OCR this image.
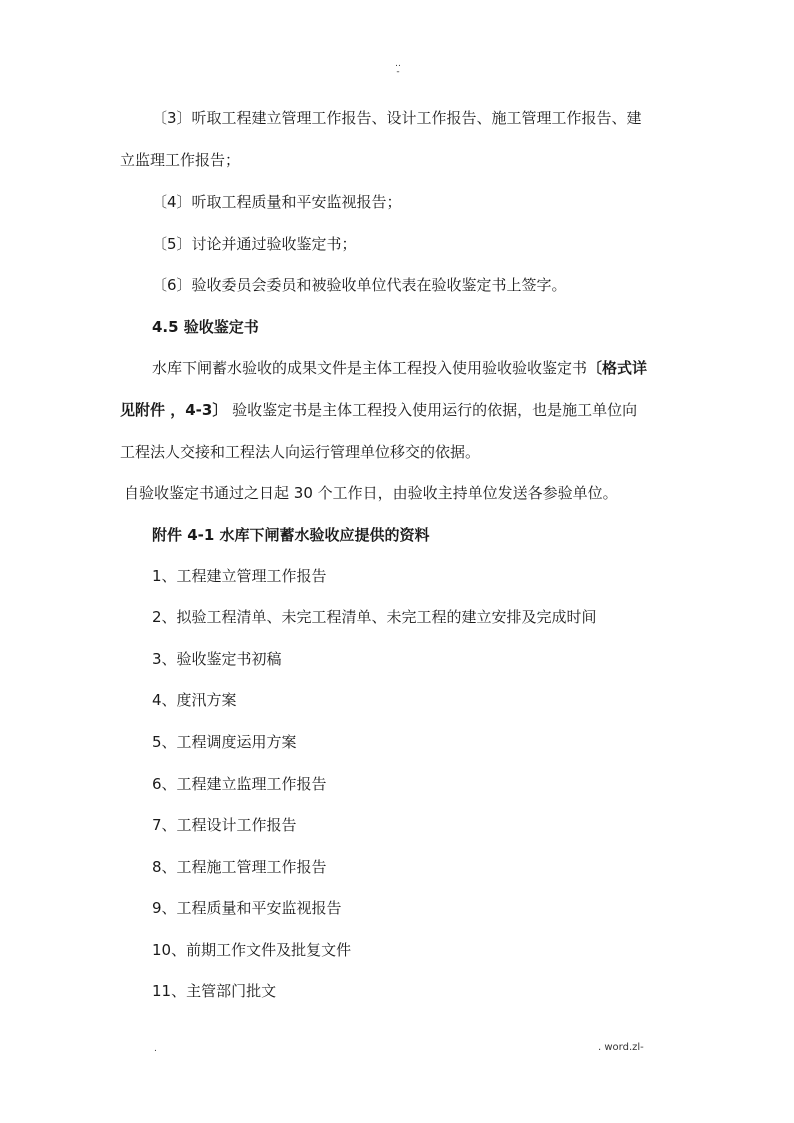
..
-
〔3〕听取工程建立管理工作报告、设计工作报告、施工管理工作报告、建
立监理工作报告；
〔4〕听取工程质量和平安监视报告；
〔5〕讨论并通过验收鉴定书；
〔6〕验收委员会委员和被验收单位代表在验收鉴定书上签字。
4.5 验收鉴定书
水库下闸蓄水验收的成果文件是主体工程投入使用验收验收鉴定书〔格式详
见附件 ，4-3〕 验收鉴定书是主体工程投入使用运行的依据，也是施工单位向
工程法人交接和工程法人向运行管理单位移交的依据。
自验收鉴定书通过之日起 30 个工作日，由验收主持单位发送各参验单位。
附件 4-1 水库下闸蓄水验收应提供的资料
1、工程建立管理工作报告
2、拟验工程清单、未完工程清单、未完工程的建立安排及完成时间
3、验收鉴定书初稿
4、度汛方案
5、工程调度运用方案
6、工程建立监理工作报告
7、工程设计工作报告
8、工程施工管理工作报告
9、工程质量和平安监视报告
10、前期工作文件及批复文件
11、主管部门批文
.	. word.zl-
